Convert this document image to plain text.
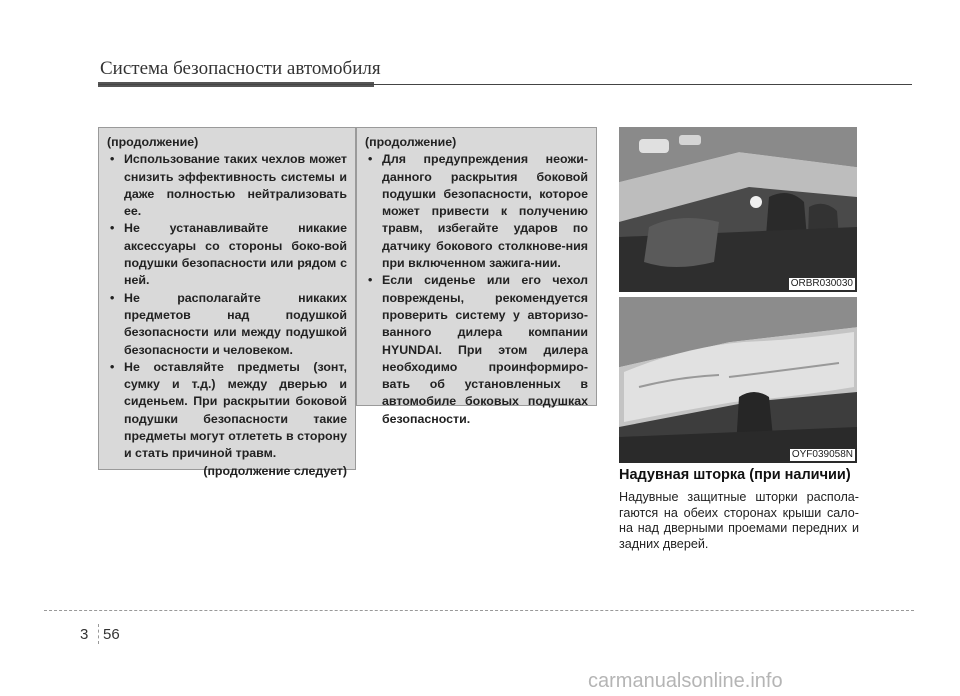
Система безопасности автомобиля

(продолжение)

• Использование таких чехлов может снизить эффективность системы и даже полностью нейтрализовать ее.
• Не устанавливайте никакие аксессуары со стороны боко-вой подушки безопасности или рядом с ней.
• Не располагайте никаких предметов над подушкой безопасности или между подушкой безопасности и человеком.
• Не оставляйте предметы (зонт, сумку и т.д.) между дверью и сиденьем. При раскрытии боковой подушки безопасности такие предметы могут отлететь в сторону и стать причиной травм.

(продолжение следует)

(продолжение)

• Для предупреждения неожи-данного раскрытия боковой подушки безопасности, которое может привести к получению травм, избегайте ударов по датчику бокового столкнове-ния при включенном зажига-нии.
• Если сиденье или его чехол повреждены, рекомендуется проверить систему у авторизо-ванного дилера компании HYUNDAI. При этом дилера необходимо проинформиро-вать об установленных в автомобиле боковых подушках безопасности.
ORBR030030
OYF039058N
Надувная шторка (при наличии)

Надувные защитные шторки распола-гаются на обеих сторонах крыши сало-на над дверными проемами передних и задних дверей.

3 56
carmanualsonline.info
